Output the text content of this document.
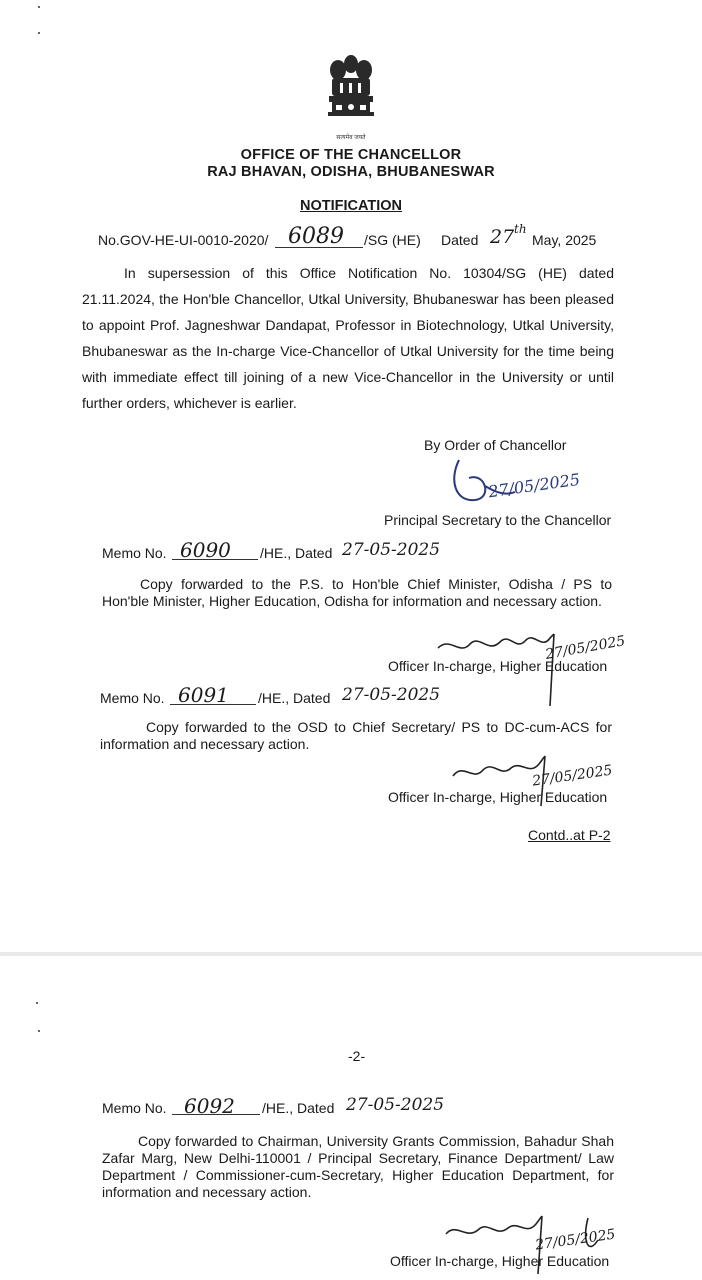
सत्यमेव जयते
OFFICE OF THE CHANCELLOR
RAJ BHAVAN, ODISHA, BHUBANESWAR
NOTIFICATION
No.GOV-HE-UI-0010-2020/ 6089 /SG (HE) Dated 27 th
May, 2025
In supersession of this Office Notification No. 10304/SG (HE) dated
21.11.2024, the Hon'ble Chancellor, Utkal University, Bhubaneswar has been pleased
to appoint Prof. Jagneshwar Dandapat, Professor in Biotechnology, Utkal University,
Bhubaneswar as the In-charge Vice-Chancellor of Utkal University for the time being
with immediate effect till joining of a new Vice-Chancellor in the University or until
further orders, whichever is earlier.
By Order of Chancellor
27/05/2025
Principal Secretary to the Chancellor
Memo No. 6090 /HE., Dated 27-05-2025
Copy forwarded to the P.S. to Hon'ble Chief Minister, Odisha / PS to
Hon'ble Minister, Higher Education, Odisha for information and necessary action.
27/05/2025
Officer In-charge, Higher Education
Memo No. 6091 /HE., Dated 27-05-2025
Copy forwarded to the OSD to Chief Secretary/ PS to DC-cum-ACS for
information and necessary action.
27/05/2025
Officer In-charge, Higher Education
Contd..at P-2
-2-
Memo No. 6092 /HE., Dated 27-05-2025
Copy forwarded to Chairman, University Grants Commission, Bahadur Shah
Zafar Marg, New Delhi-110001 / Principal Secretary, Finance Department/ Law
Department / Commissioner-cum-Secretary, Higher Education Department, for
information and necessary action.
27/05/2025
Officer In-charge, Higher Education
